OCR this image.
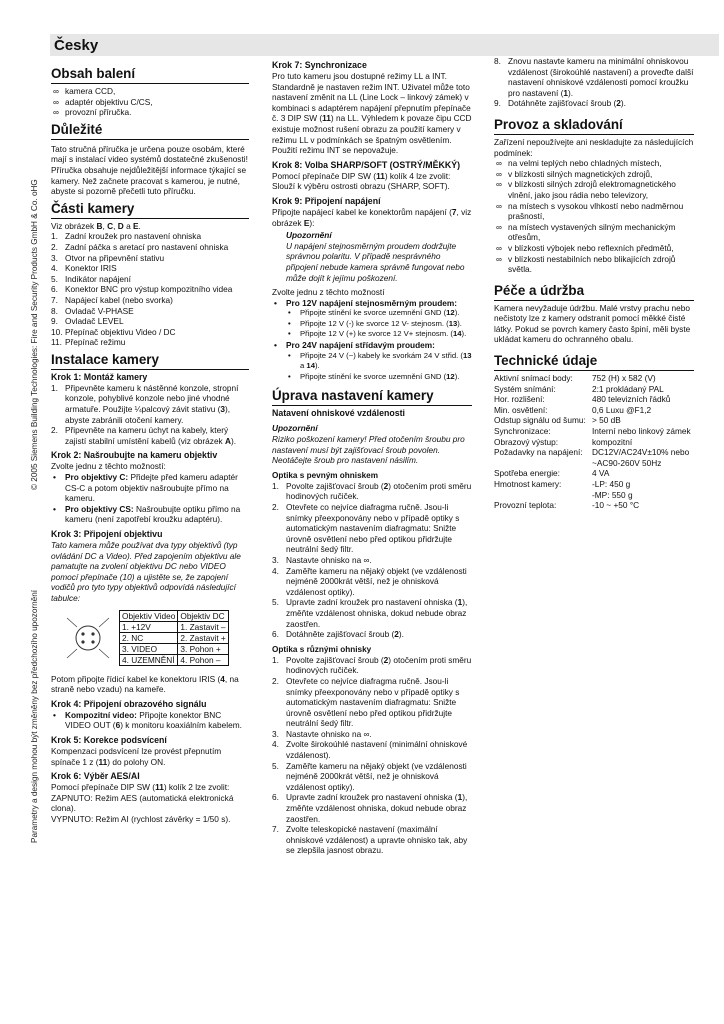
© 2005 Siemens Building Technologies: Fire and Security Products GmbH & Co. oHG
Parametry a design mohou být změněny bez předchozího upozornění
Česky
Obsah balení
∞ kamera CCD,
∞ adaptér objektivu C/CS,
∞ provozní příručka.
Důležité

Tato stručná příručka je určena pouze osobám, které mají s instalací video systémů dostatečné zkušenosti!

Příručka obsahuje nejdůležitější informace týkající se kamery. Než začnete pracovat s kamerou, je nutné, abyste si pozorně přečetli tuto příručku.

Části kamery

Viz obrázek B, C, D a E.

1. Zadní kroužek pro nastavení ohniska
2. Zadní páčka s aretací pro nastavení ohniska
3. Otvor na připevnění stativu
4. Konektor IRIS
5. Indikátor napájení
6. Konektor BNC pro výstup kompozitního videa
7. Napájecí kabel (nebo svorka)
8. Ovladač V-PHASE
9. Ovladač LEVEL
10. Přepínač objektivu Video / DC
11. Přepínač režimu
Instalace kamery
Krok 1: Montáž kamery
1. Připevněte kameru k nástěnné konzole, stropní konzole, pohyblivé konzole nebo jiné vhodné armatuře. Použijte ¼palcový závit stativu (3), abyste zabránili otočení kamery.
2. Připevněte na kameru úchyt na kabely, který zajistí stabilní umístění kabelů (viz obrázek A).
Krok 2: Našroubujte na kameru objektiv

Zvolte jednu z těchto možností:

• Pro objektivy C: Přidejte před kameru adaptér CS-C a potom objektiv našroubujte přímo na kameru.
• Pro objektivy CS: Našroubujte optiku přímo na kameru (není zapotřebí kroužku adaptéru).
Krok 3: Připojení objektivu

Tato kamera může používat dva typy objektivů (typ ovládání DC a Video). Před zapojením objektivu ale pamatujte na zvolení objektivu DC nebo VIDEO pomocí přepínače (10) a ujistěte se, že zapojení vodičů pro tyto typy objektivů odpovídá následující tabulce:

Objektiv Video	Objektiv DC
1. +12V	1. Zastavit –
2. NC	2. Zastavit +
3. VIDEO	3. Pohon +
4. UZEMNĚNÍ	4. Pohon –

Potom připojte řídicí kabel ke konektoru IRIS (4, na straně nebo vzadu) na kameře.

Krok 4: Připojení obrazového signálu
• Kompozitní video: Připojte konektor BNC VIDEO OUT (6) k monitoru koaxiálním kabelem.
Krok 5: Korekce podsvícení

Kompenzaci podsvícení lze provést přepnutím spínače 1 z (11) do polohy ON.

Krok 6: Výběr AES/AI

Pomocí přepínače DIP SW (11) kolík 2 lze zvolit:

ZAPNUTO: Režim AES (automatická elektronická clona).

VYPNUTO: Režim AI (rychlost závěrky = 1/50 s).

Krok 7: Synchronizace

Pro tuto kameru jsou dostupné režimy LL a INT. Standardně je nastaven režim INT. Uživatel může toto nastavení změnit na LL (Line Lock – linkový zámek) v kombinaci s adaptérem napájení přepnutím přepínače č. 3 DIP SW (11) na LL. Výhledem k povaze čipu CCD existuje možnost rušení obrazu za použití kamery v režimu LL v podmínkách se špatným osvětlením. Použití režimu INT se nepovažuje.

Krok 8: Volba SHARP/SOFT (OSTRÝ/MĚKKÝ)

Pomocí přepínače DIP SW (11) kolík 4 lze zvolit: Slouží k výběru ostrosti obrazu (SHARP, SOFT).

Krok 9: Připojení napájení

Připojte napájecí kabel ke konektorům napájení (7, viz obrázek E):

Upozornění

U napájení stejnosměrným proudem dodržujte správnou polaritu. V případě nesprávného připojení nebude kamera správně fungovat nebo může dojít k jejímu poškození.

Zvolte jednu z těchto možností

• Pro 12V napájení stejnosměrným proudem:
• Připojte stínění ke svorce uzemnění GND (12).
• Připojte 12 V (-) ke svorce 12 V- stejnosm. (13).
• Připojte 12 V (+) ke svorce 12 V+ stejnosm. (14).
• Pro 24V napájení střídavým proudem:
• Připojte 24 V (~) kabely ke svorkám 24 V střid. (13 a 14).
• Připojte stínění ke svorce uzemnění GND (12).
Úprava nastavení kamery
Natavení ohniskové vzdálenosti

Upozornění

Riziko poškození kamery! Před otočením šroubu pro nastavení musí být zajišťovací šroub povolen. Neotáčejte šroub pro nastavení násilím.

Optika s pevným ohniskem
1. Povolte zajišťovací šroub (2) otočením proti směru hodinových ručiček.
2. Otevřete co nejvíce diafragma ručně. Jsou-li snímky přeexponovány nebo v případě optiky s automatickým nastavením diafragmatu: Snižte úrovně osvětlení nebo před optikou přidržujte neutrální šedý filtr.
3. Nastavte ohnisko na ∞.
4. Zaměřte kameru na nějaký objekt (ve vzdálenosti nejméně 2000krát větší, než je ohnisková vzdálenost optiky).
5. Upravte zadní kroužek pro nastavení ohniska (1), změňte vzdálenost ohniska, dokud nebude obraz zaostřen.
6. Dotáhněte zajišťovací šroub (2).
Optika s různými ohnisky
1. Povolte zajišťovací šroub (2) otočením proti směru hodinových ručiček.
2. Otevřete co nejvíce diafragma ručně. Jsou-li snímky přeexponovány nebo v případě optiky s automatickým nastavením diafragmatu: Snižte úrovně osvětlení nebo před optikou přidržujte neutrální šedý filtr.
3. Nastavte ohnisko na ∞.
4. Zvolte širokoúhlé nastavení (minimální ohniskové vzdálenost).
5. Zaměřte kameru na nějaký objekt (ve vzdálenosti nejméně 2000krát větší, než je ohnisková vzdálenost optiky).
6. Upravte zadní kroužek pro nastavení ohniska (1), změňte vzdálenost ohniska, dokud nebude obraz zaostřen.
7. Zvolte teleskopické nastavení (maximální ohniskové vzdálenost) a upravte ohnisko tak, aby se zlepšila jasnost obrazu.
8. Znovu nastavte kameru na minimální ohniskovou vzdálenost (širokoúhlé nastavení) a proveďte další nastavení ohniskové vzdálenosti pomocí kroužku pro nastavení (1).
9. Dotáhněte zajišťovací šroub (2).
Provoz a skladování

Zařízení nepoužívejte ani neskladujte za následujících podmínek:

∞ na velmi teplých nebo chladných místech,
∞ v blízkosti silných magnetických zdrojů,
∞ v blízkosti silných zdrojů elektromagnetického vlnění, jako jsou rádia nebo televizory,
∞ na místech s vysokou vlhkostí nebo nadměrnou prašností,
∞ na místech vystavených silným mechanickým otřesům,
∞ v blízkosti výbojek nebo reflexních předmětů,
∞ v blízkosti nestabilních nebo blikajících zdrojů světla.
Péče a údržba

Kamera nevyžaduje údržbu. Malé vrstvy prachu nebo nečistoty lze z kamery odstranit pomocí měkké čisté látky. Pokud se povrch kamery často špiní, měli byste ukládat kameru do ochranného obalu.

Technické údaje
Aktivní snímací body:	752 (H) x 582 (V)
Systém snímání:	2:1 prokládaný PAL
Hor. rozlišení:	480 televizních řádků
Min. osvětlení:	0,6 Luxu @F1,2
Odstup signálu od šumu:	> 50 dB
Synchronizace:	Interní nebo linkový zámek
Obrazový výstup:	kompozitní
Požadavky na napájení:	DC12V/AC24V±10% nebo ~AC90-260V 50Hz
Spotřeba energie:	4 VA
Hmotnost kamery:	-LP: 450 g
-MP: 550 g
Provozní teplota:	-10 ~ +50 °C
